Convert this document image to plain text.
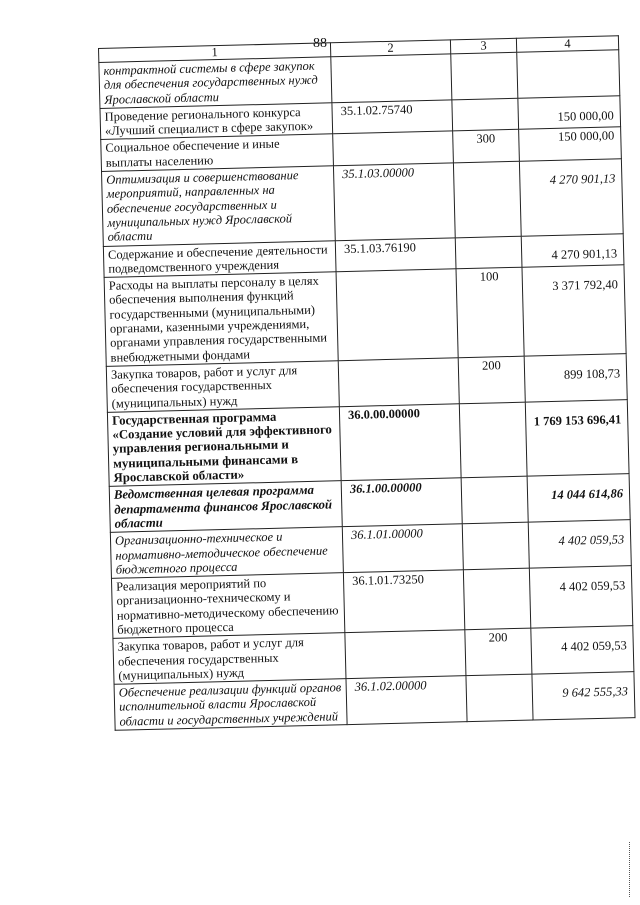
88
1	2	3	4
контрактной системы в сфере закупок для обеспечения государственных нужд Ярославской области			
Проведение регионального конкурса «Лучший специалист в сфере закупок»	35.1.02.75740		150 000,00
Социальное обеспечение и иные выплаты населению		300	150 000,00
Оптимизация и совершенствование мероприятий, направленных на обеспечение государственных и муниципальных нужд Ярославской области	35.1.03.00000		4 270 901,13
Содержание и обеспечение деятельности подведомственного учреждения	35.1.03.76190		4 270 901,13
Расходы на выплаты персоналу в целях обеспечения выполнения функций государственными (муниципальными) органами, казенными учреждениями, органами управления государственными внебюджетными фондами		100	3 371 792,40
Закупка товаров, работ и услуг для обеспечения государственных (муниципальных) нужд		200	899 108,73
Государственная программа «Создание условий для эффективного управления региональными и муниципальными финансами в Ярославской области»	36.0.00.00000		1 769 153 696,41
Ведомственная целевая программа департамента финансов Ярославской области	36.1.00.00000		14 044 614,86
Организационно-техническое и нормативно-методическое обеспечение бюджетного процесса	36.1.01.00000		4 402 059,53
Реализация мероприятий по организационно-техническому и нормативно-методическому обеспечению бюджетного процесса	36.1.01.73250		4 402 059,53
Закупка товаров, работ и услуг для обеспечения государственных (муниципальных) нужд		200	4 402 059,53
Обеспечение реализации функций органов исполнительной власти Ярославской области и государственных учреждений	36.1.02.00000		9 642 555,33
